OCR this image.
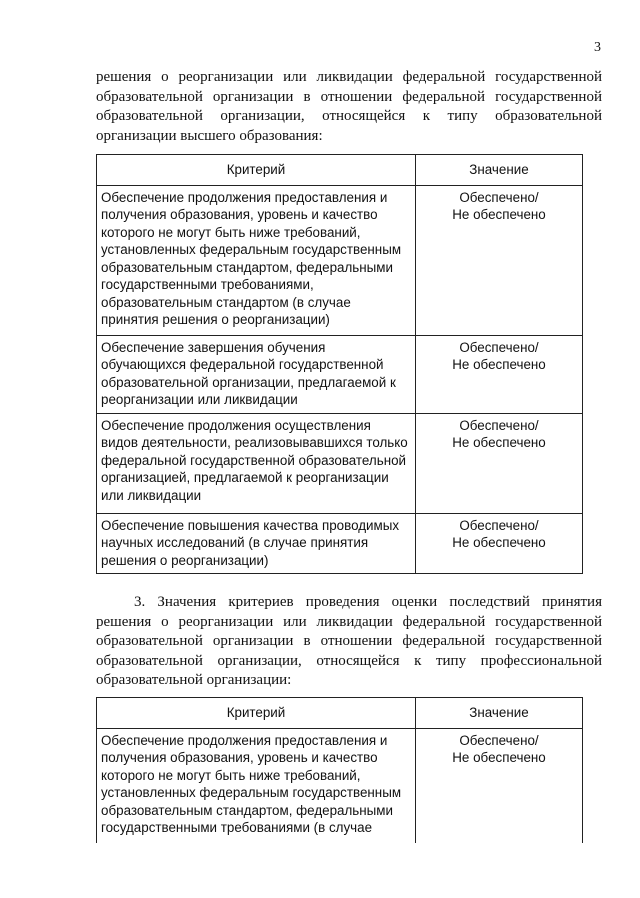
3

решения о реорганизации или ликвидации федеральной государственной образовательной организации в отношении федеральной государственной образовательной организации, относящейся к типу образовательной организации высшего образования:

Критерий	Значение
Обеспечение продолжения предоставления и получения образования, уровень и качество которого не могут быть ниже требований, установленных федеральным государственным образовательным стандартом, федеральными государственными требованиями, образовательным стандартом (в случае принятия решения о реорганизации)	Обеспечено/
Не обеспечено

Обеспечение завершения обучения обучающихся федеральной государственной образовательной организации, предлагаемой к реорганизации или ликвидации	Обеспечено/
Не обеспечено

Обеспечение продолжения осуществления видов деятельности, реализовывавшихся только федеральной государственной образовательной организацией, предлагаемой к реорганизации или ликвидации	Обеспечено/
Не обеспечено

Обеспечение повышения качества проводимых научных исследований (в случае принятия решения о реорганизации)	Обеспечено/
Не обеспечено

3. Значения критериев проведения оценки последствий принятия решения о реорганизации или ликвидации федеральной государственной образовательной организации в отношении федеральной государственной образовательной организации, относящейся к типу профессиональной образовательной организации:

Критерий	Значение
Обеспечение продолжения предоставления и получения образования, уровень и качество которого не могут быть ниже требований, установленных федеральным государственным образовательным стандартом, федеральными государственными требованиями (в случае	Обеспечено/
Не обеспечено
